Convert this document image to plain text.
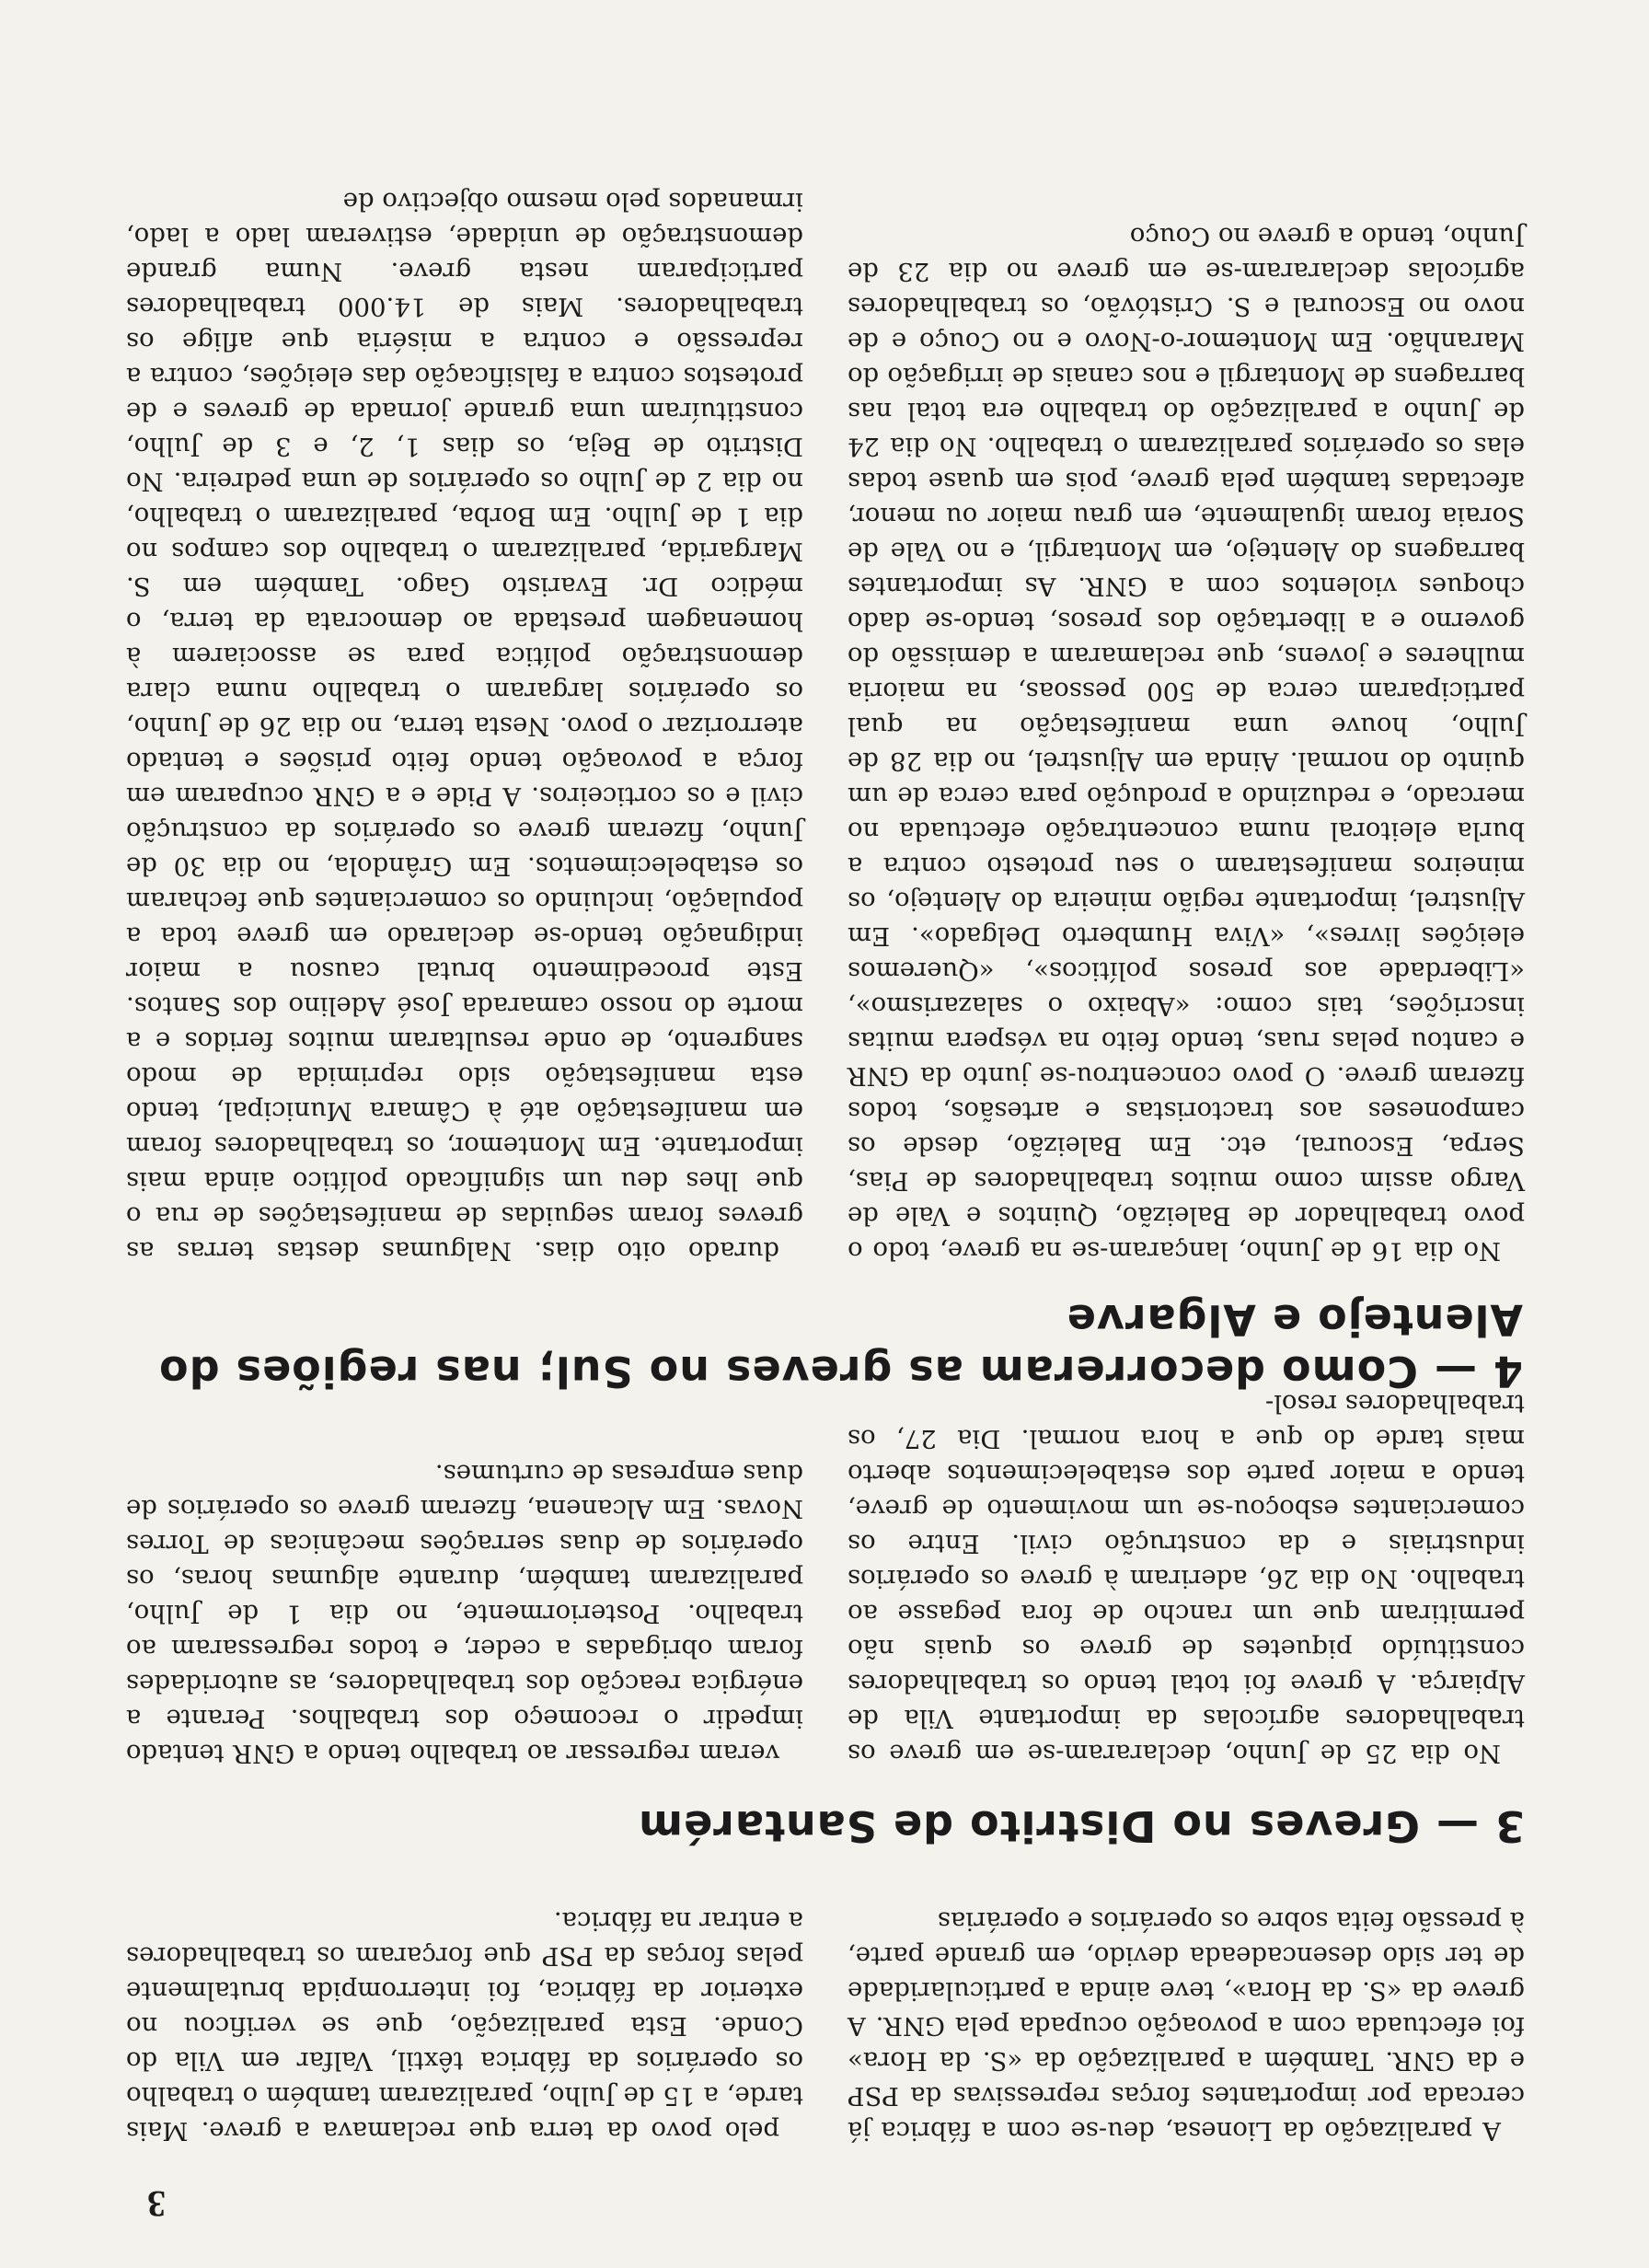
3

A paralização da Lionesa, deu-se com a fábrica já cercada por importantes forças repressivas da PSP e da GNR. Também a paralização da «S. da Hora» foi efectuada com a povoação ocupada pela GNR. A greve da «S. da Hora», teve ainda a particularidade de ter sido desencadeada devido, em grande parte, à pressão feita sobre os operários e operárias

pelo povo da terra que reclamava a greve. Mais tarde, a 15 de Julho, paralizaram também o trabalho os operários da fábrica têxtil, Valfar em Vila do Conde. Esta paralização, que se verificou no exterior da fábrica, foi interrompida brutalmente pelas forças da PSP que forçaram os trabalhadores a entrar na fábrica.

3 — Greves no Distrito de Santarém

No dia 25 de Junho, declararam-se em greve os trabalhadores agrícolas da importante Vila de Alpiarça. A greve foi total tendo os trabalhadores constituído piquetes de greve os quais não permitiram que um rancho de fora pegasse ao trabalho. No dia 26, aderiram à greve os operários industriais e da construção civil. Entre os comerciantes esboçou-se um movimento de greve, tendo a maior parte dos estabelecimentos aberto mais tarde do que a hora normal. Dia 27, os trabalhadores resol-

veram regressar ao trabalho tendo a GNR tentado impedir o recomeço dos trabalhos. Perante a enérgica reacção dos trabalhadores, as autoridades foram obrigadas a ceder, e todos regressaram ao trabalho. Posteriormente, no dia 1 de Julho, paralizaram também, durante algumas horas, os operários de duas serrações mecânicas de Torres Novas. Em Alcanena, fizeram greve os operários de duas empresas de curtumes.

4 — Como decorreram as greves no Sul; nas regiões do Alentejo e Algarve

No dia 16 de Junho, lançaram-se na greve, todo o povo trabalhador de Baleizão, Quintos e Vale de Vargo assim como muitos trabalhadores de Pias, Serpa, Escoural, etc. Em Baleizão, desde os camponeses aos tractoristas e artesãos, todos fizeram greve. O povo concentrou-se junto da GNR e cantou pelas ruas, tendo feito na véspera muitas inscrições, tais como: «Abaixo o salazarismo», «Liberdade aos presos políticos», «Queremos eleições livres», «Viva Humberto Delgado». Em Aljustrel, importante região mineira do Alentejo, os mineiros manifestaram o seu protesto contra a burla eleitoral numa concentração efectuada no mercado, e reduzindo a produção para cerca de um quinto do normal. Ainda em Aljustrel, no dia 28 de Julho, houve uma manifestação na qual participaram cerca de 500 pessoas, na maioria mulheres e jovens, que reclamaram a demissão do governo e a libertação dos presos, tendo-se dado choques violentos com a GNR. As importantes barragens do Alentejo, em Montargil, e no Vale de Soraia foram igualmente, em grau maior ou menor, afectadas também pela greve, pois em quase todas elas os operários paralizaram o trabalho. No dia 24 de Junho a paralização do trabalho era total nas barragens de Montargil e nos canais de irrigação do Maranhão. Em Montemor-o-Novo e no Couço e de novo no Escoural e S. Cristóvão, os trabalhadores agrícolas declararam-se em greve no dia 23 de Junho, tendo a greve no Couço

durado oito dias. Nalgumas destas terras as greves foram seguidas de manifestações de rua o que lhes deu um significado político ainda mais importante. Em Montemor, os trabalhadores foram em manifestação até à Câmara Municipal, tendo esta manifestação sido reprimida de modo sangrento, de onde resultaram muitos feridos e a morte do nosso camarada José Adelino dos Santos. Este procedimento brutal causou a maior indignação tendo-se declarado em greve toda a população, incluindo os comerciantes que fecharam os estabelecimentos. Em Grândola, no dia 30 de Junho, fizeram greve os operários da construção civil e os corticeiros. A Pide e a GNR ocuparam em força a povoação tendo feito prisões e tentado aterrorizar o povo. Nesta terra, no dia 26 de Junho, os operários largaram o trabalho numa clara demonstração política para se associarem à homenagem prestada ao democrata da terra, o médico Dr. Evaristo Gago. Também em S. Margarida, paralizaram o trabalho dos campos no dia 1 de Julho. Em Borba, paralizaram o trabalho, no dia 2 de Julho os operários de uma pedreira. No Distrito de Beja, os dias 1, 2, e 3 de Julho, constituíram uma grande jornada de greves e de protestos contra a falsificação das eleições, contra a repressão e contra a miséria que aflige os trabalhadores. Mais de 14.000 trabalhadores participaram nesta greve. Numa grande demonstração de unidade, estiveram lado a lado, irmanados pelo mesmo objectivo de
